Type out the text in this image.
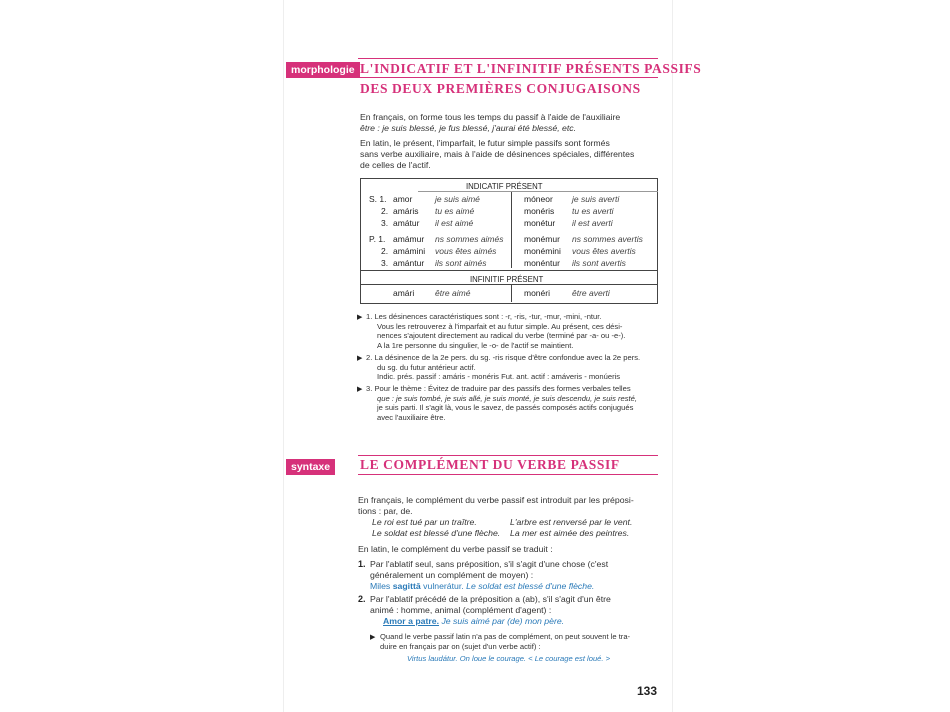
morphologie L'INDICATIF ET L'INFINITIF PRÉSENTS PASSIFS
DES DEUX PREMIÈRES CONJUGAISONS
En français, on forme tous les temps du passif à l'aide de l'auxiliaire
être : je suis blessé, je fus blessé, j'aurai été blessé, etc.
En latin, le présent, l'imparfait, le futur simple passifs sont formés
sans verbe auxiliaire, mais à l'aide de désinences spéciales, différentes
de celles de l'actif.
INDICATIF PRÉSENT
S. 1. amor	je suis aimé	móneor je suis averti
2. amáris tu es aimé	monéris tu es averti
3. amátur il est aimé	monétur il est averti
P. 1. amámur ns sommes aimés monémur ns sommes avertis
2. amámini vous êtes aimés	monémini vous êtes avertis
3. amántur ils sont aimés	monéntur ils sont avertis
INFINITIF PRÉSENT
amári être aimé	monéri	être averti
▶ 1. Les désinences caractéristiques sont : -r, -ris, -tur, -mur, -mini, -ntur.
Vous les retrouverez à l'imparfait et au futur simple. Au présent, ces dési-
nences s'ajoutent directement au radical du verbe (terminé par -a- ou -e-).
A la 1re personne du singulier, le -o- de l'actif se maintient.
▶ 2. La désinence de la 2e pers. du sg. -ris risque d'être confondue avec la 2e pers.
du sg. du futur antérieur actif.
Indic. prés. passif : amáris - monéris Fut. ant. actif : amáveris - monúeris
▶ 3. Pour le thème : Évitez de traduire par des passifs des formes verbales telles
que : je suis tombé, je suis allé, je suis monté, je suis descendu, je suis resté,
je suis parti. Il s'agit là, vous le savez, de passés composés actifs conjugués
avec l'auxiliaire être.
syntaxe	LE COMPLÉMENT DU VERBE PASSIF
En français, le complément du verbe passif est introduit par les préposi-
tions : par, de.
Le roi est tué par un traître.	L'arbre est renversé par le vent.
Le soldat est blessé d'une flèche. La mer est aimée des peintres.
En latin, le complément du verbe passif se traduit :
1. Par l'ablatif seul, sans préposition, s'il s'agit d'une chose (c'est
généralement un complément de moyen) :
Miles sagittā vulnerátur. Le soldat est blessé d'une flèche.
2. Par l'ablatif précédé de la préposition a (ab), s'il s'agit d'un être
animé : homme, animal (complément d'agent) :
Amor a patre. Je suis aimé par (de) mon père.
▶ Quand le verbe passif latin n'a pas de complément, on peut souvent le tra-
duire en français par on (sujet d'un verbe actif) :
Virtus laudátur. On loue le courage. < Le courage est loué. >
133
